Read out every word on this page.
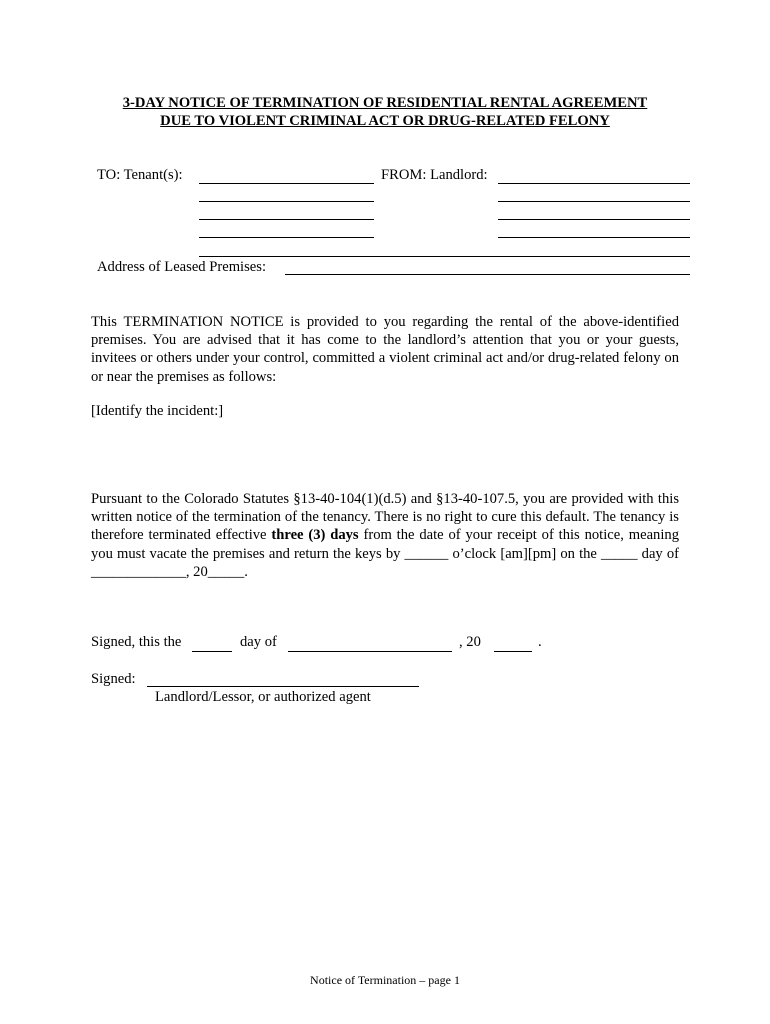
3-DAY NOTICE OF TERMINATION OF RESIDENTIAL RENTAL AGREEMENT
DUE TO VIOLENT CRIMINAL ACT OR DRUG-RELATED FELONY
TO: Tenant(s):	FROM: Landlord:
Address of Leased Premises:
This TERMINATION NOTICE is provided to you regarding the rental of the above-identified premises. You are advised that it has come to the landlord’s attention that you or your guests, invitees or others under your control, committed a violent criminal act and/or drug-related felony on or near the premises as follows:
[Identify the incident:]
Pursuant to the Colorado Statutes §13-40-104(1)(d.5) and §13-40-107.5, you are provided with this written notice of the termination of the tenancy. There is no right to cure this default. The tenancy is therefore terminated effective three (3) days from the date of your receipt of this notice, meaning you must vacate the premises and return the keys by ______ o’clock [am][pm] on the _____ day of _____________, 20_____.
Signed, this the	day of	, 20	.
Signed:
Landlord/Lessor, or authorized agent
Notice of Termination – page 1
